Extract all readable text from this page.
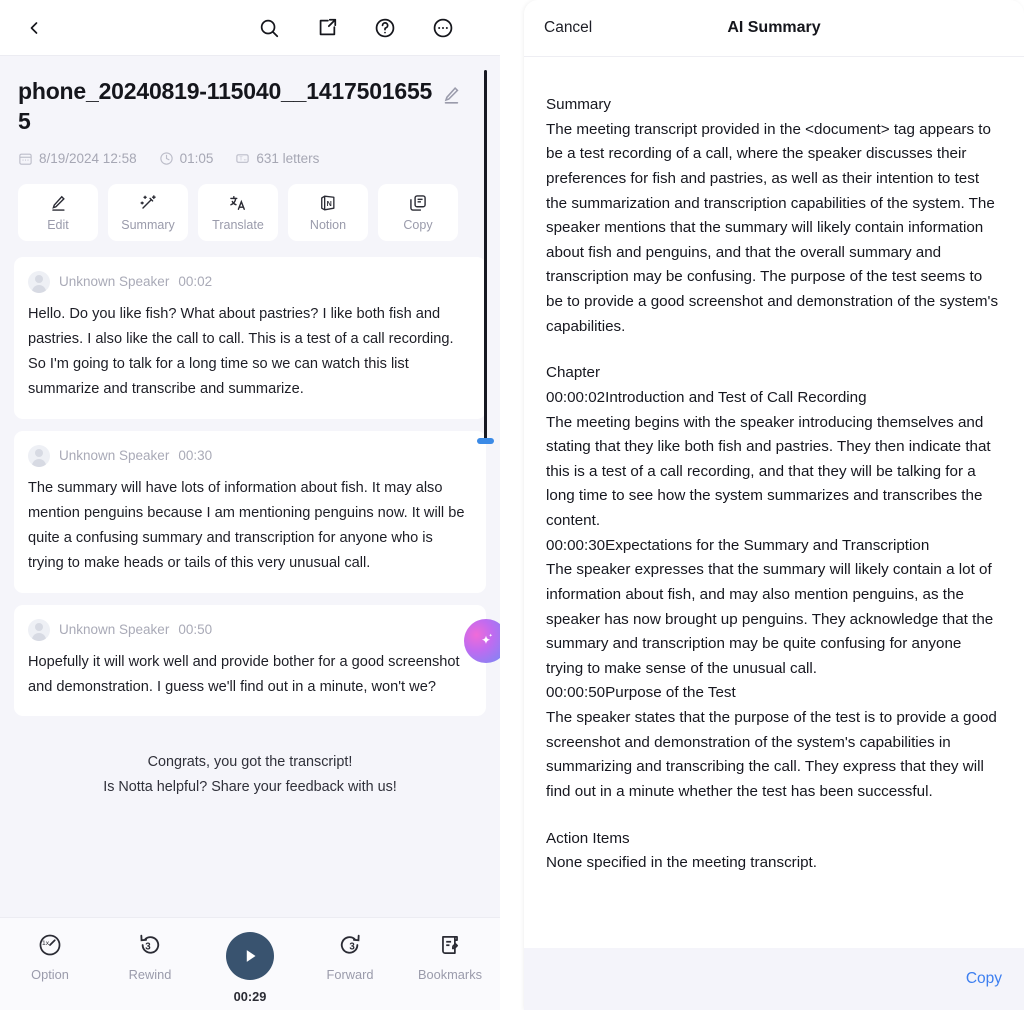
phone_20240819-115040__14175016555
8/19/2024 12:58	01:05	T 631 letters
Edit	Summary	Translate
N
Notion	Copy
Unknown Speaker 00:02
Hello. Do you like fish? What about pastries? I like both fish and pastries. I also like the call to call. This is a test of a call recording. So I'm going to talk for a long time so we can watch this list summarize and transcribe and summarize.
Unknown Speaker 00:30
The summary will have lots of information about fish. It may also mention penguins because I am mentioning penguins now. It will be quite a confusing summary and transcription for anyone who is trying to make heads or tails of this very unusual call.
Unknown Speaker 00:50
Hopefully it will work well and provide bother for a good screenshot and demonstration. I guess we'll find out in a minute, won't we?
Congrats, you got the transcript!
Is Notta helpful? Share your feedback with us!
1x
Option
3
Rewind
00:29
3
Forward	Bookmarks
Cancel	AI Summary
Summary
The meeting transcript provided in the <document> tag appears to be a test recording of a call, where the speaker discusses their preferences for fish and pastries, as well as their intention to test the summarization and transcription capabilities of the system. The speaker mentions that the summary will likely contain information about fish and penguins, and that the overall summary and transcription may be confusing. The purpose of the test seems to be to provide a good screenshot and demonstration of the system's capabilities.
Chapter
00:00:02Introduction and Test of Call Recording
The meeting begins with the speaker introducing themselves and stating that they like both fish and pastries. They then indicate that this is a test of a call recording, and that they will be talking for a long time to see how the system summarizes and transcribes the content.
00:00:30Expectations for the Summary and Transcription
The speaker expresses that the summary will likely contain a lot of information about fish, and may also mention penguins, as the speaker has now brought up penguins. They acknowledge that the summary and transcription may be quite confusing for anyone trying to make sense of the unusual call.
00:00:50Purpose of the Test
The speaker states that the purpose of the test is to provide a good screenshot and demonstration of the system's capabilities in summarizing and transcribing the call. They express that they will find out in a minute whether the test has been successful.
Action Items
None specified in the meeting transcript.
Copy
